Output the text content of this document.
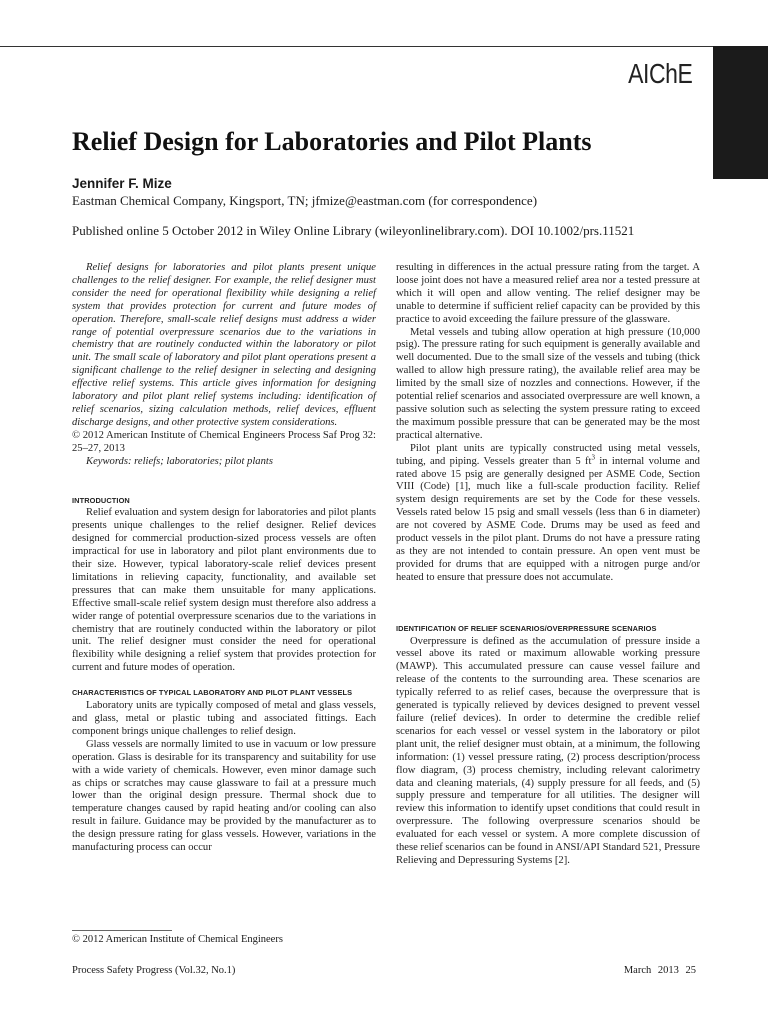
AIChE
Relief Design for Laboratories and Pilot Plants
Jennifer F. Mize
Eastman Chemical Company, Kingsport, TN; jfmize@eastman.com (for correspondence)
Published online 5 October 2012 in Wiley Online Library (wileyonlinelibrary.com). DOI 10.1002/prs.11521

Relief designs for laboratories and pilot plants present unique challenges to the relief designer. For example, the relief designer must consider the need for operational flexibility while designing a relief system that provides protection for current and future modes of operation. Therefore, small-scale relief designs must address a wider range of potential overpressure scenarios due to the variations in chemistry that are routinely conducted within the laboratory or pilot unit. The small scale of laboratory and pilot plant operations present a significant challenge to the relief designer in selecting and designing effective relief systems. This article gives information for designing laboratory and pilot plant relief systems including: identification of relief scenarios, sizing calculation methods, relief devices, effluent discharge designs, and other protective system considerations.

© 2012 American Institute of Chemical Engineers Process Saf Prog 32: 25–27, 2013

Keywords: reliefs; laboratories; pilot plants

INTRODUCTION

Relief evaluation and system design for laboratories and pilot plants presents unique challenges to the relief designer. Relief devices designed for commercial production-sized process vessels are often impractical for use in laboratory and pilot plant environments due to their size. However, typical laboratory-scale relief devices present limitations in relieving capacity, functionality, and available set pressures that can make them unsuitable for many applications. Effective small-scale relief system design must therefore also address a wider range of potential overpressure scenarios due to the variations in chemistry that are routinely conducted within the laboratory or pilot unit. The relief designer must consider the need for operational flexibility while designing a relief system that provides protection for current and future modes of operation.

CHARACTERISTICS OF TYPICAL LABORATORY AND PILOT PLANT VESSELS

Laboratory units are typically composed of metal and glass vessels, and glass, metal or plastic tubing and associated fittings. Each component brings unique challenges to relief design.

Glass vessels are normally limited to use in vacuum or low pressure operation. Glass is desirable for its transparency and suitability for use with a wide variety of chemicals. However, even minor damage such as chips or scratches may cause glassware to fail at a pressure much lower than the original design pressure. Thermal shock due to temperature changes caused by rapid heating and/or cooling can also result in failure. Guidance may be provided by the manufacturer as to the design pressure rating for glass vessels. However, variations in the manufacturing process can occur

resulting in differences in the actual pressure rating from the target. A loose joint does not have a measured relief area nor a tested pressure at which it will open and allow venting. The relief designer may be unable to determine if sufficient relief capacity can be provided by this practice to avoid exceeding the failure pressure of the glassware.

Metal vessels and tubing allow operation at high pressure (10,000 psig). The pressure rating for such equipment is generally available and well documented. Due to the small size of the vessels and tubing (thick walled to allow high pressure rating), the available relief area may be limited by the small size of nozzles and connections. However, if the potential relief scenarios and associated overpressure are well known, a passive solution such as selecting the system pressure rating to exceed the maximum possible pressure that can be generated may be the most practical alternative.

Pilot plant units are typically constructed using metal vessels, tubing, and piping. Vessels greater than 5 $ft^3$ in internal volume and rated above 15 psig are generally designed per ASME Code, Section VIII (Code) [1], much like a full-scale production facility. Relief system design requirements are set by the Code for these vessels. Vessels rated below 15 psig and small vessels (less than 6 in diameter) are not covered by ASME Code. Drums may be used as feed and product vessels in the pilot plant. Drums do not have a pressure rating as they are not intended to contain pressure. An open vent must be provided for drums that are equipped with a nitrogen purge and/or heated to ensure that pressure does not accumulate.

IDENTIFICATION OF RELIEF SCENARIOS/OVERPRESSURE SCENARIOS

Overpressure is defined as the accumulation of pressure inside a vessel above its rated or maximum allowable working pressure (MAWP). This accumulated pressure can cause vessel failure and release of the contents to the surrounding area. These scenarios are typically referred to as relief cases, because the overpressure that is generated is typically relieved by devices designed to prevent vessel failure (relief devices). In order to determine the credible relief scenarios for each vessel or vessel system in the laboratory or pilot plant unit, the relief designer must obtain, at a minimum, the following information: (1) vessel pressure rating, (2) process description/process flow diagram, (3) process chemistry, including relevant calorimetry data and cleaning materials, (4) supply pressure for all feeds, and (5) supply pressure and temperature for all utilities. The designer will review this information to identify upset conditions that could result in overpressure. The following overpressure scenarios should be evaluated for each vessel or system. A more complete discussion of these relief scenarios can be found in ANSI/API Standard 521, Pressure Relieving and Depressuring Systems [2].

© 2012 American Institute of Chemical Engineers
Process Safety Progress (Vol.32, No.1)	March 2013 25
